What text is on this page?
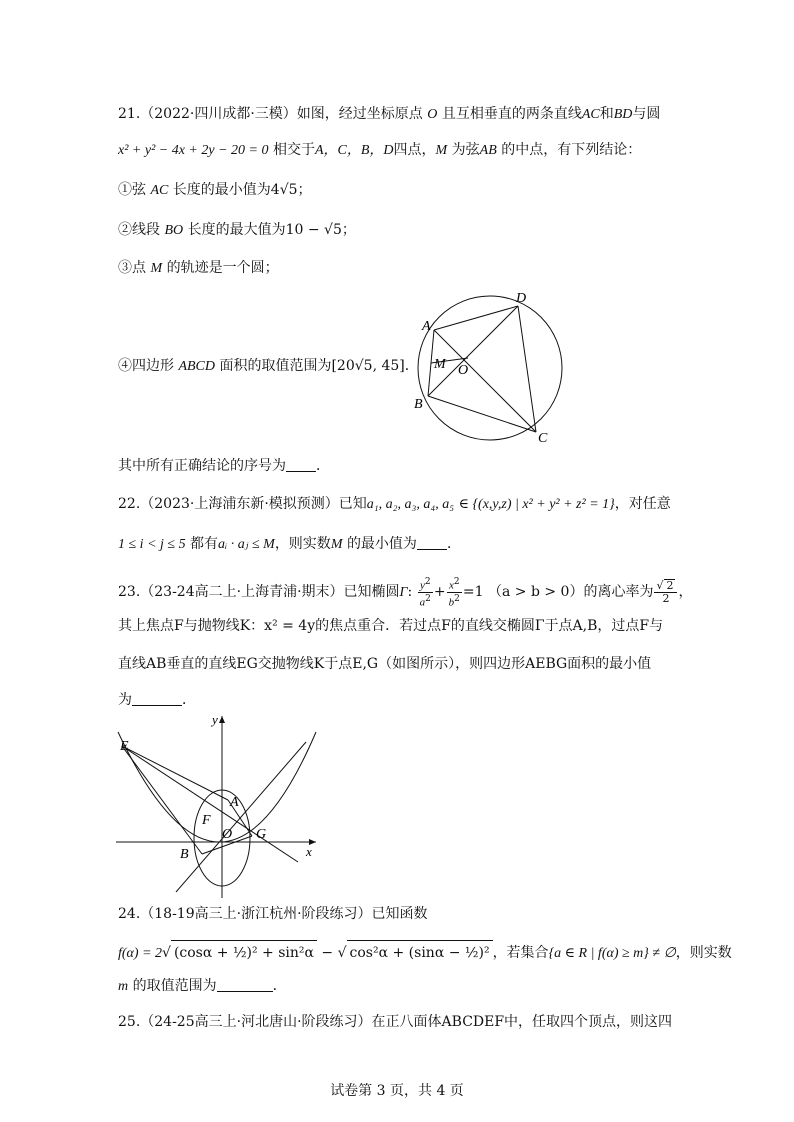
21.（2022·四川成都·三模）如图，经过坐标原点 O 且互相垂直的两条直线AC和BD与圆
x² + y² − 4x + 2y − 20 = 0 相交于A，C，B，D四点，M 为弦AB 的中点，有下列结论：
①弦 AC 长度的最小值为4√5；
②线段 BO 长度的最大值为10 − √5；
③点 M 的轨迹是一个圆；
④四边形 ABCD 面积的取值范围为[20√5, 45]．
A
D
B
C
M O
其中所有正确结论的序号为 ．
22.（2023·上海浦东新·模拟预测）已知a₁, a₂, a₃, a₄, a₅ ∈ {(x,y,z) | x² + y² + z² = 1}，对任意
1 ≤ i < j ≤ 5 都有aᵢ · aⱼ ≤ M，则实数M 的最小值为 ．
23.（23-24高二上·上海青浦·期末）已知椭圆Γ: $\frac{y^2}{a^2} + \frac{x^2}{b^2} =1$ （a > b > 0）的离心率为 $\frac{√ 2}{2}$ ，
其上焦点F与抛物线K：x² = 4y的焦点重合．若过点F的直线交椭圆Γ于点A,B，过点F与
直线AB垂直的直线EG交抛物线K于点E,G（如图所示），则四边形AEBG面积的最小值
为	．
E
A
F
O G
B	x
y
24.（18-19高三上·浙江杭州·阶段练习）已知函数
f(α) = 2√ (cosα + ½)² + sin²α − √ cos²α + (sinα − ½)² ，若集合{a ∈ R | f(α) ≥ m} ≠ ∅，则实数
m 的取值范围为	．
25.（24-25高三上·河北唐山·阶段练习）在正八面体ABCDEF中，任取四个顶点，则这四
试卷第 3 页，共 4 页
